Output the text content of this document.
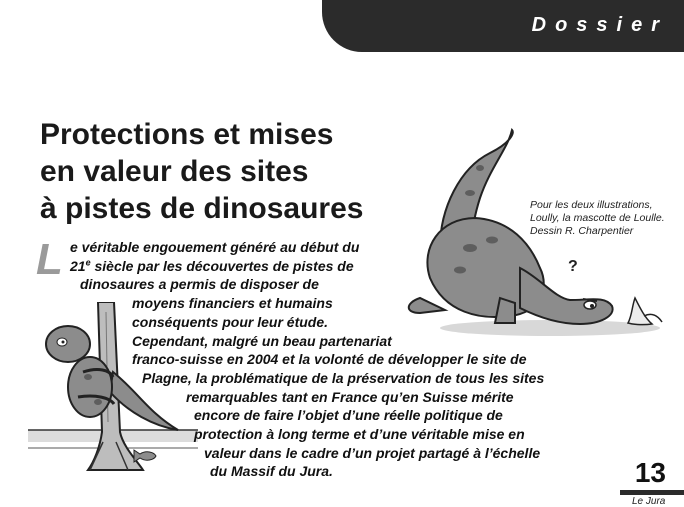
Dossier
Protections et mises
en valeur des sites
à pistes de dinosaures	Pour les deux illustrations,
Loully, la mascotte de Loulle.
Dessin R. Charpentier
?
L e véritable engouement généré au début du
21e siècle par les découvertes de pistes de
dinosaures a permis de disposer de
moyens financiers et humains
conséquents pour leur étude.
Cependant, malgré un beau partenariat
franco-suisse en 2004 et la volonté de développer le site de
Plagne, la problématique de la préservation de tous les sites
remarquables tant en France qu’en Suisse mérite
encore de faire l’objet d’une réelle politique de
protection à long terme et d’une véritable mise en
valeur dans le cadre d’un projet partagé à l’échelle
du Massif du Jura.	13
Le Jura
